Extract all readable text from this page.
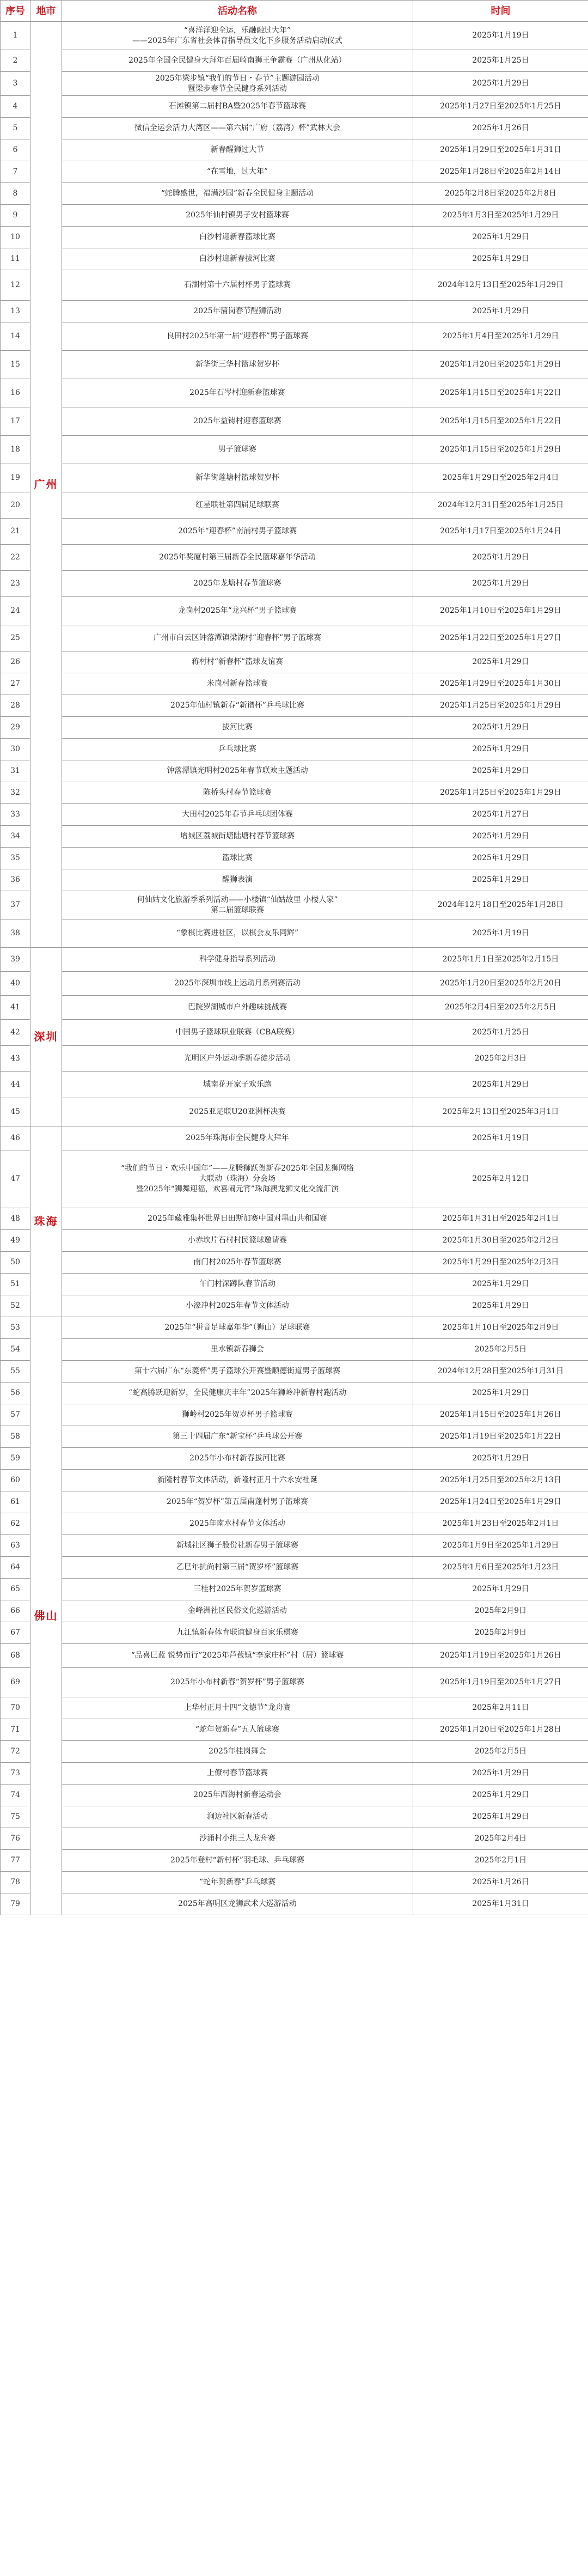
序号	地市	活动名称	时间
1	广州	“喜洋洋迎全运，乐融融过大年”
——2025年广东省社会体育指导员文化下乡服务活动启动仪式	2025年1月19日
2		2025年全国全民健身大拜年百届崎南狮王争霸赛（广州从化站）	2025年1月25日
3		2025年梁步镇“我们的节日・春节”主题游园活动
暨梁步春节全民健身系列活动	2025年1月29日
4		石滩镇第二届村BA暨2025年春节篮球赛	2025年1月27日至2025年1月25日
5		微信全运会活力大湾区——第六届“广府（荔湾）杯”武林大会	2025年1月26日
6		新春醒狮过大节	2025年1月29日至2025年1月31日
7		“在雪地，过大年”	2025年1月28日至2025年2月14日
8		“蛇腾盛世，福满沙园”新春全民健身主题活动	2025年2月8日至2025年2月8日
9		2025年仙村镇男子安村篮球赛	2025年1月3日至2025年1月29日
10		白沙村迎新春篮球比赛	2025年1月29日
11		白沙村迎新春拔河比赛	2025年1月29日
12		石湖村第十六届村杯男子篮球赛	2024年12月13日至2025年1月29日
13		2025年蒲岗春节醒狮活动	2025年1月29日
14		良田村2025年第一届“迎春杯”男子篮球赛	2025年1月4日至2025年1月29日
15		新华街三华村篮球贺岁杯	2025年1月20日至2025年1月29日
16		2025年石岑村迎新春篮球赛	2025年1月15日至2025年1月22日
17		2025年益铸村迎春篮球赛	2025年1月15日至2025年1月22日
18		男子篮球赛	2025年1月15日至2025年1月29日
19		新华街莲塘村篮球贺岁杯	2025年1月29日至2025年2月4日
20		红星联社第四届足球联赛	2024年12月31日至2025年1月25日
21		2025年“迎春杯”南浦村男子篮球赛	2025年1月17日至2025年1月24日
22		2025年奖厦村第三届新春全民篮球嘉年华活动	2025年1月29日
23		2025年龙塘村春节篮球赛	2025年1月29日
24		龙岗村2025年“龙兴杯”男子篮球赛	2025年1月10日至2025年1月29日
25		广州市白云区钟落潭镇梁湖村“迎春杯”男子篮球赛	2025年1月22日至2025年1月27日
26		蒋村村“新春杯”篮球友谊赛	2025年1月29日
27		米岗村新春篮球赛	2025年1月29日至2025年1月30日
28		2025年仙村镇新春“新谱杯”乒乓球比赛	2025年1月25日至2025年1月29日
29		拔河比赛	2025年1月29日
30		乒乓球比赛	2025年1月29日
31		钟落潭镇光明村2025年春节联欢主题活动	2025年1月29日
32		陈桥头村春节篮球赛	2025年1月25日至2025年1月29日
33		大田村2025年春节乒乓球团体赛	2025年1月27日
34		增城区荔城街塘陆塘村春节篮球赛	2025年1月29日
35		篮球比赛	2025年1月29日
36		醒狮表演	2025年1月29日
37		何仙姑文化旅游季系列活动——小楼镇“仙姑故里 小楼人家”
第二届篮球联赛	2024年12月18日至2025年1月28日
38		“象棋比赛进社区，以棋会友乐同辉”	2025年1月19日
39	深圳	科学健身指导系列活动	2025年1月1日至2025年2月15日
40		2025年深圳市线上运动月系列赛活动	2025年1月20日至2025年2月20日
41		巴院罗湖城市户外趣味挑战赛	2025年2月4日至2025年2月5日
42		中国男子篮球职业联赛（CBA联赛）	2025年1月25日
43		光明区户外运动季新春徒步活动	2025年2月3日
44		城南花开家子欢乐跑	2025年1月29日
45		2025亚足联U20亚洲杯决赛	2025年2月13日至2025年3月1日
46	珠海	2025年珠海市全民健身大拜年	2025年1月19日
47		“我们的节日・欢乐中国年”——龙腾狮跃贺新春2025年全国龙狮网络
大联动（珠海）分会场
暨2025年“狮舞迎福，欢喜闹元宵”珠海澳龙狮文化交流汇演	2025年2月12日
48		2025年藏雅集杯世界日田斯加赛中国对墨山共和国赛	2025年1月31日至2025年2月1日
49		小赤坎片石村村民篮球邀请赛	2025年1月30日至2025年2月2日
50		南门村2025年春节篮球赛	2025年1月29日至2025年2月3日
51		午门村深蹲队春节活动	2025年1月29日
52		小濠冲村2025年春节文体活动	2025年1月29日
53	佛山	2025年“拼音足球嘉年华”（狮山）足球联赛	2025年1月10日至2025年2月9日
54		里水镇新春狮会	2025年2月5日
55		第十六届广东“东菱杯”男子篮球公开赛暨顺德街道男子篮球赛	2024年12月28日至2025年1月31日
56		“蛇高腾跃迎新岁，全民健康庆丰年”2025年狮岭冲新春村跑活动	2025年1月29日
57		狮岭村2025年贺岁杯男子篮球赛	2025年1月15日至2025年1月26日
58		第三十四届广东“新宝杯”乒乓球公开赛	2025年1月19日至2025年1月22日
59		2025年小布村新春拔河比赛	2025年1月29日
60		新隆村春节文体活动，新隆村正月十六永安社诞	2025年1月25日至2025年2月13日
61		2025年“贺岁杯”第五届南蓬村男子篮球赛	2025年1月24日至2025年1月29日
62		2025年南水村春节文体活动	2025年1月23日至2025年2月1日
63		新城社区狮子股份社新春男子篮球赛	2025年1月9日至2025年1月29日
64		乙巳年抗尚村第三届“贺岁杯”篮球赛	2025年1月6日至2025年1月23日
65		三桂村2025年贺岁篮球赛	2025年1月29日
66		金峰洲社区民俗文化巡游活动	2025年2月9日
67		九江镇新春体育联谊健身百家乐棋赛	2025年2月9日
68		“品喜巳蓝 锐势而行”2025年芦苞镇“李家庄杯”村（居）篮球赛	2025年1月19日至2025年1月26日
69		2025年小布村新春“贺岁杯”男子篮球赛	2025年1月19日至2025年1月27日
70		上华村正月十四“文德节”龙舟赛	2025年2月11日
71		“蛇年贺新春”五人篮球赛	2025年1月20日至2025年1月28日
72		2025年桂岗舞会	2025年2月5日
73		上僚村春节篮球赛	2025年1月29日
74		2025年西海村新春运动会	2025年1月29日
75		涧边社区新春活动	2025年1月29日
76		沙涌村小组三人龙舟赛	2025年2月4日
77		2025年登村“新村杯”羽毛球、乒乓球赛	2025年2月1日
78		“蛇年贺新春”乒乓球赛	2025年1月26日
79		2025年高明区龙狮武术大巡游活动	2025年1月31日
